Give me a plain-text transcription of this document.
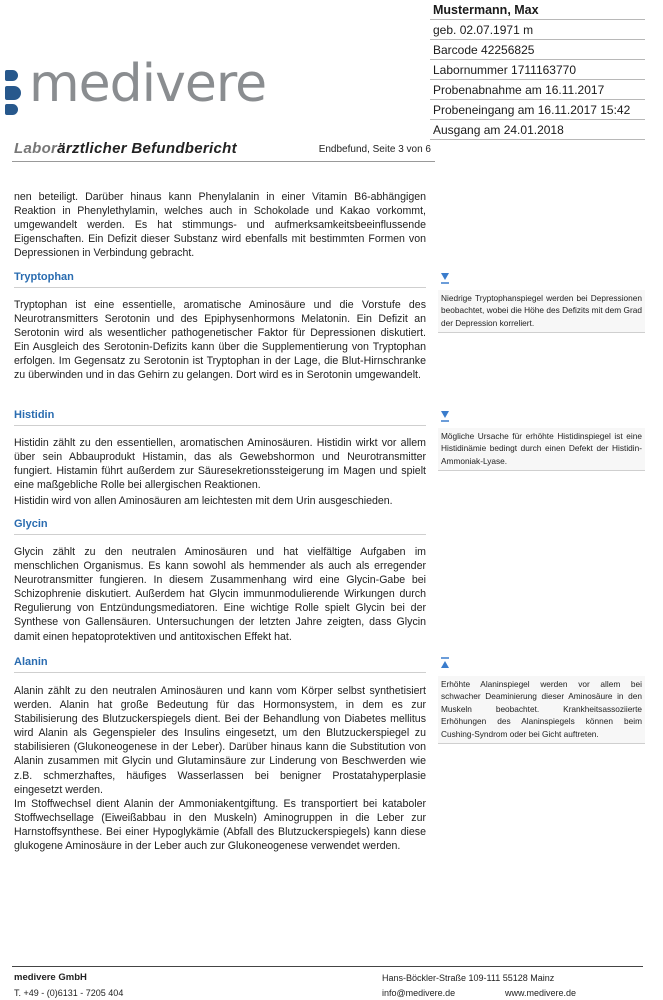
medivere
Mustermann, Max
geb. 02.07.1971 m
Barcode 42256825
Labornummer 1711163770
Probenabnahme am 16.11.2017
Probeneingang am 16.11.2017 15:42
Ausgang am 24.01.2018
Laborärztlicher Befundbericht	Endbefund, Seite 3 von 6

nen beteiligt. Darüber hinaus kann Phenylalanin in einer Vitamin B6-abhängigen Reaktion in Phenylethylamin, welches auch in Schokolade und Kakao vorkommt, umgewandelt werden. Es hat stimmungs- und aufmerksamkeitsbeeinflussende Eigenschaften. Ein Defizit dieser Substanz wird ebenfalls mit bestimmten Formen von Depressionen in Verbindung gebracht.

Tryptophan
Tryptophan ist eine essentielle, aromatische Aminosäure und die Vorstufe des Neurotransmitters Serotonin und des Epiphysenhormons Melatonin. Ein Defizit an Serotonin wird als wesentlicher pathogenetischer Faktor für Depressionen diskutiert. Ein Ausgleich des Serotonin-Defizits kann über die Supplementierung von Tryptophan erfolgen. Im Gegensatz zu Serotonin ist Tryptophan in der Lage, die Blut-Hirnschranke zu überwinden und in das Gehirn zu gelangen. Dort wird es in Serotonin umgewandelt.
Niedrige Tryptophanspiegel werden bei Depressionen beobachtet, wobei die Höhe des Defizits mit dem Grad der Depression korreliert.
Histidin
Histidin zählt zu den essentiellen, aromatischen Aminosäuren. Histidin wirkt vor allem über sein Abbauprodukt Histamin, das als Gewebshormon und Neurotransmitter fungiert. Histamin führt außerdem zur Säuresekretionssteigerung im Magen und spielt eine maßgebliche Rolle bei allergischen Reaktionen.
Histidin wird von allen Aminosäuren am leichtesten mit dem Urin ausgeschieden.
Mögliche Ursache für erhöhte Histidinspiegel ist eine Histidinämie bedingt durch einen Defekt der Histidin-Ammoniak-Lyase.
Glycin
Glycin zählt zu den neutralen Aminosäuren und hat vielfältige Aufgaben im menschlichen Organismus. Es kann sowohl als hemmender als auch als erregender Neurotransmitter fungieren. In diesem Zusammenhang wird eine Glycin-Gabe bei Schizophrenie diskutiert. Außerdem hat Glycin immunmodulierende Wirkungen durch Regulierung von Entzündungsmediatoren. Eine wichtige Rolle spielt Glycin bei der Synthese von Gallensäuren. Untersuchungen der letzten Jahre zeigten, dass Glycin damit einen hepatoprotektiven und antitoxischen Effekt hat.
Alanin
Alanin zählt zu den neutralen Aminosäuren und kann vom Körper selbst synthetisiert werden. Alanin hat große Bedeutung für das Hormonsystem, in dem es zur Stabilisierung des Blutzuckerspiegels dient. Bei der Behandlung von Diabetes mellitus wird Alanin als Gegenspieler des Insulins eingesetzt, um den Blutzuckerspiegel zu stabilisieren (Glukoneogenese in der Leber). Darüber hinaus kann die Substitution von Alanin zusammen mit Glycin und Glutaminsäure zur Linderung von Beschwerden wie z.B. schmerzhaftes, häufiges Wasserlassen bei benigner Prostatahyperplasie eingesetzt werden.
Im Stoffwechsel dient Alanin der Ammoniakentgiftung. Es transportiert bei kataboler Stoffwechsellage (Eiweißabbau in den Muskeln) Aminogruppen in die Leber zur Harnstoffsynthese. Bei einer Hypoglykämie (Abfall des Blutzuckerspiegels) kann diese glukogene Aminosäure in der Leber auch zur Glukoneogenese verwendet werden.
Erhöhte Alaninspiegel werden vor allem bei schwacher Deaminierung dieser Aminosäure in den Muskeln beobachtet. Krankheitsassoziierte Erhöhungen des Alaninspiegels können beim Cushing-Syndrom oder bei Gicht auftreten.
medivere GmbH
T. +49 - (0)6131 - 7205 404
Hans-Böckler-Straße 109-111 55128 Mainz
info@medivere.de	www.medivere.de
